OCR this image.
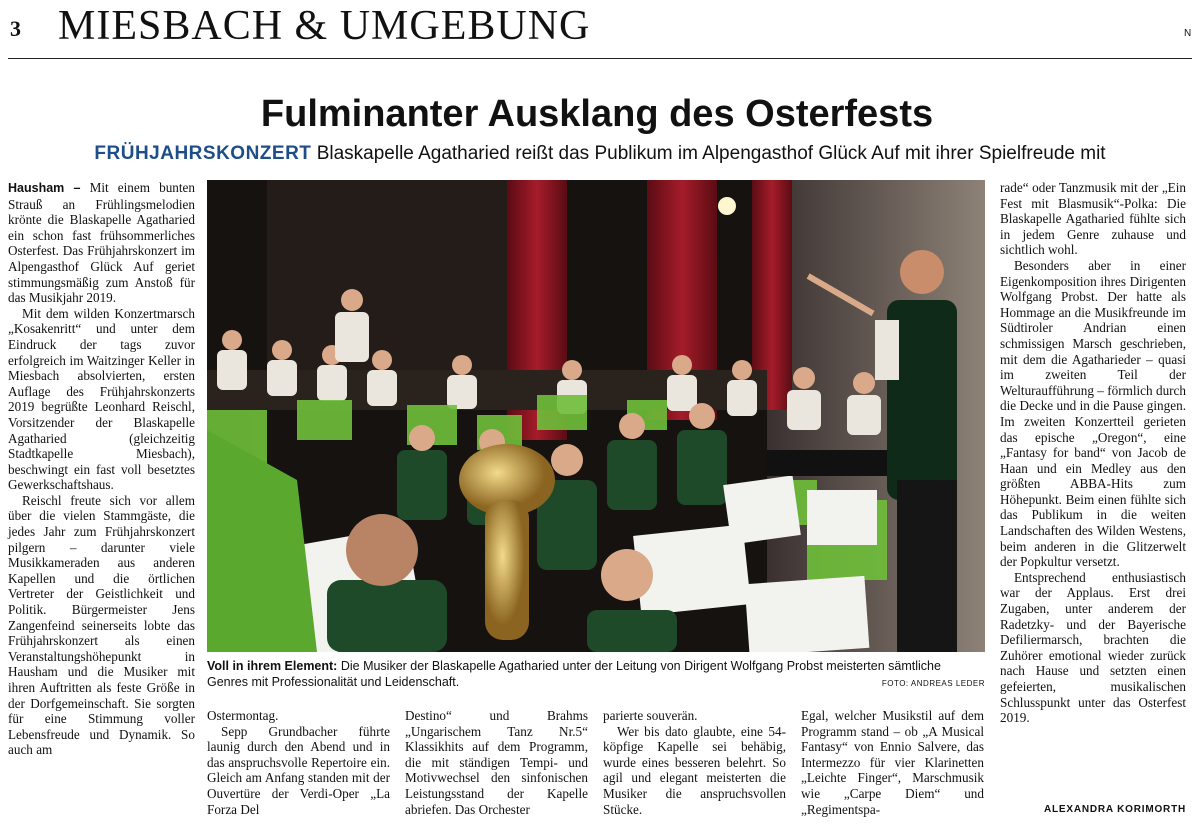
3 MIESBACH & UMGEBUNG	N
Fulminanter Ausklang des Osterfests
FRÜHJAHRSKONZERT Blaskapelle Agatharied reißt das Publikum im Alpengasthof Glück Auf mit ihrer Spielfreude mit

Hausham – Mit einem bunten Strauß an Frühlingsmelodien krönte die Blaskapelle Agatharied ein schon fast frühsommerliches Osterfest. Das Frühjahrskonzert im Alpengasthof Glück Auf geriet stimmungsmäßig zum Anstoß für das Musikjahr 2019.

Mit dem wilden Konzertmarsch „Kosakenritt“ und unter dem Eindruck der tags zuvor erfolgreich im Waitzinger Keller in Miesbach absolvierten, ersten Auflage des Frühjahrskonzerts 2019 begrüßte Leonhard Reischl, Vorsitzender der Blaskapelle Agatharied (gleichzeitig Stadtkapelle Miesbach), beschwingt ein fast voll besetztes Gewerkschaftshaus.

Reischl freute sich vor allem über die vielen Stammgäste, die jedes Jahr zum Frühjahrskonzert pilgern – darunter viele Musikkameraden aus anderen Kapellen und die örtlichen Vertreter der Geistlichkeit und Politik. Bürgermeister Jens Zangenfeind seinerseits lobte das Frühjahrskonzert als einen Veranstaltungshöhepunkt in Hausham und die Musiker mit ihren Auftritten als feste Größe in der Dorfgemeinschaft. Sie sorgten für eine Stimmung voller Lebensfreude und Dynamik. So auch am

Voll in ihrem Element: Die Musiker der Blaskapelle Agatharied unter der Leitung von Dirigent Wolfgang Probst meisterten sämtliche Genres mit Professionalität und Leidenschaft.	FOTO: ANDREAS LEDER

Ostermontag.

Sepp Grundbacher führte launig durch den Abend und in das anspruchsvolle Repertoire ein. Gleich am Anfang standen mit der Ouvertüre der Verdi-Oper „La Forza Del

Destino“ und Brahms „Ungarischem Tanz Nr.5“ Klassikhits auf dem Programm, die mit ständigen Tempi- und Motivwechsel den sinfonischen Leistungsstand der Kapelle abriefen. Das Orchester

parierte souverän.

Wer bis dato glaubte, eine 54-köpfige Kapelle sei behäbig, wurde eines besseren belehrt. So agil und elegant meisterten die Musiker die anspruchsvollen Stücke.

Egal, welcher Musikstil auf dem Programm stand – ob „A Musical Fantasy“ von Ennio Salvere, das Intermezzo für vier Klarinetten „Leichte Finger“, Marschmusik wie „Carpe Diem“ und „Regimentspa-

rade“ oder Tanzmusik mit der „Ein Fest mit Blasmusik“-Polka: Die Blaskapelle Agatharied fühlte sich in jedem Genre zuhause und sichtlich wohl.

Besonders aber in einer Eigenkomposition ihres Dirigenten Wolfgang Probst. Der hatte als Hommage an die Musikfreunde im Südtiroler Andrian einen schmissigen Marsch geschrieben, mit dem die Agatharieder – quasi im zweiten Teil der Welturaufführung – förmlich durch die Decke und in die Pause gingen. Im zweiten Konzertteil gerieten das epische „Oregon“, eine „Fantasy for band“ von Jacob de Haan und ein Medley aus den größten ABBA-Hits zum Höhepunkt. Beim einen fühlte sich das Publikum in die weiten Landschaften des Wilden Westens, beim anderen in die Glitzerwelt der Popkultur versetzt.

Entsprechend enthusiastisch war der Applaus. Erst drei Zugaben, unter anderem der Radetzky- und der Bayerische Defiliermarsch, brachten die Zuhörer emotional wieder zurück nach Hause und setzten einen gefeierten, musikalischen Schlusspunkt unter das Osterfest 2019.

ALEXANDRA KORIMORTH
